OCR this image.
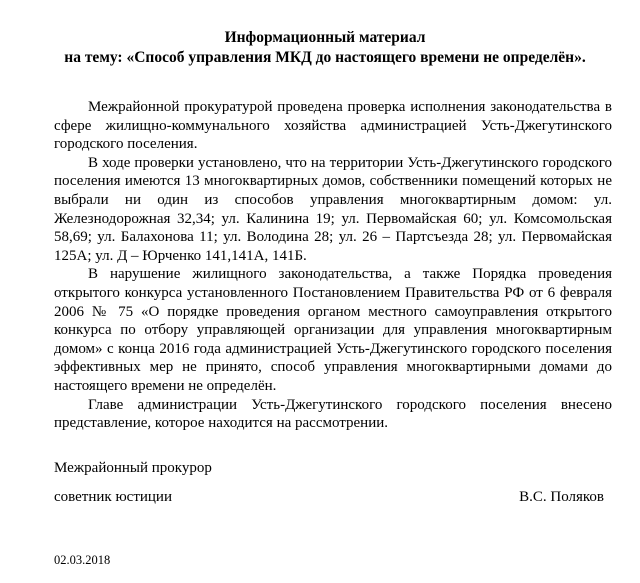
Информационный материал
на тему: «Способ управления МКД до настоящего времени не определён».

Межрайонной прокуратурой проведена проверка исполнения законодательства в сфере жилищно-коммунального хозяйства администрацией Усть-Джегутинского городского поселения.

В ходе проверки установлено, что на территории Усть-Джегутинского городского поселения имеются 13 многоквартирных домов, собственники помещений которых не выбрали ни один из способов управления многоквартирным домом: ул. Железнодорожная 32,34; ул. Калинина 19; ул. Первомайская 60; ул. Комсомольская 58,69; ул. Балахонова 11; ул. Володина 28; ул. 26 – Партсъезда 28; ул. Первомайская 125А; ул. Д – Юрченко 141,141А, 141Б.

В нарушение жилищного законодательства, а также Порядка проведения открытого конкурса установленного Постановлением Правительства РФ от 6 февраля 2006 № 75 «О порядке проведения органом местного самоуправления открытого конкурса по отбору управляющей организации для управления многоквартирным домом» с конца 2016 года администрацией Усть-Джегутинского городского поселения эффективных мер не принято, способ управления многоквартирными домами до настоящего времени не определён.

Главе администрации Усть-Джегутинского городского поселения внесено представление, которое находится на рассмотрении.

Межрайонный прокурор
советник юстиции	В.С. Поляков
02.03.2018
